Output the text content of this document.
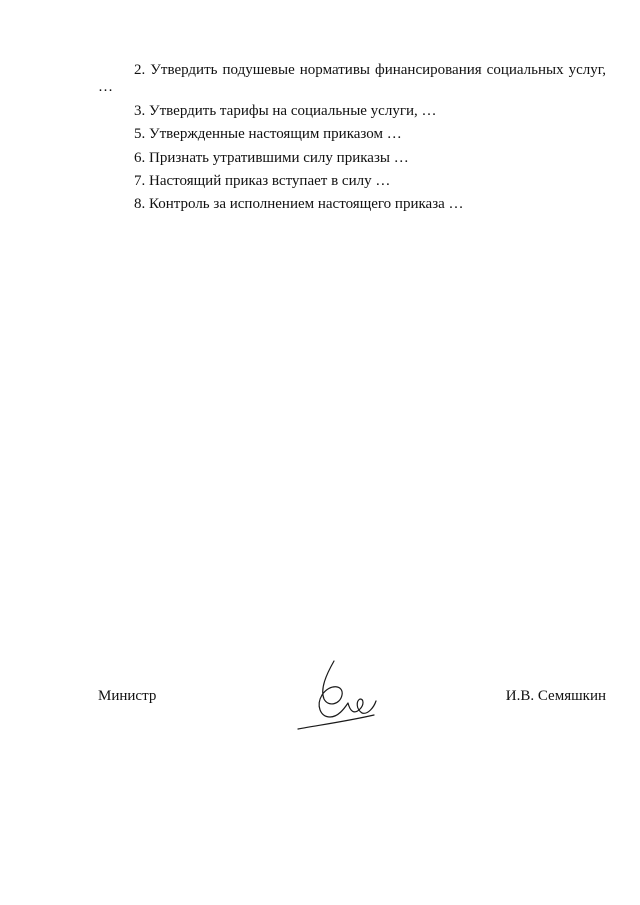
2. Утвердить подушевые нормативы финансирования социальных услуг, …

3. Утвердить тарифы на социальные услуги, …

5. Утвержденные настоящим приказом …

6. Признать утратившими силу приказы …

7. Настоящий приказ вступает в силу …

8. Контроль за исполнением настоящего приказа …

Министр	И.В. Семяшкин
